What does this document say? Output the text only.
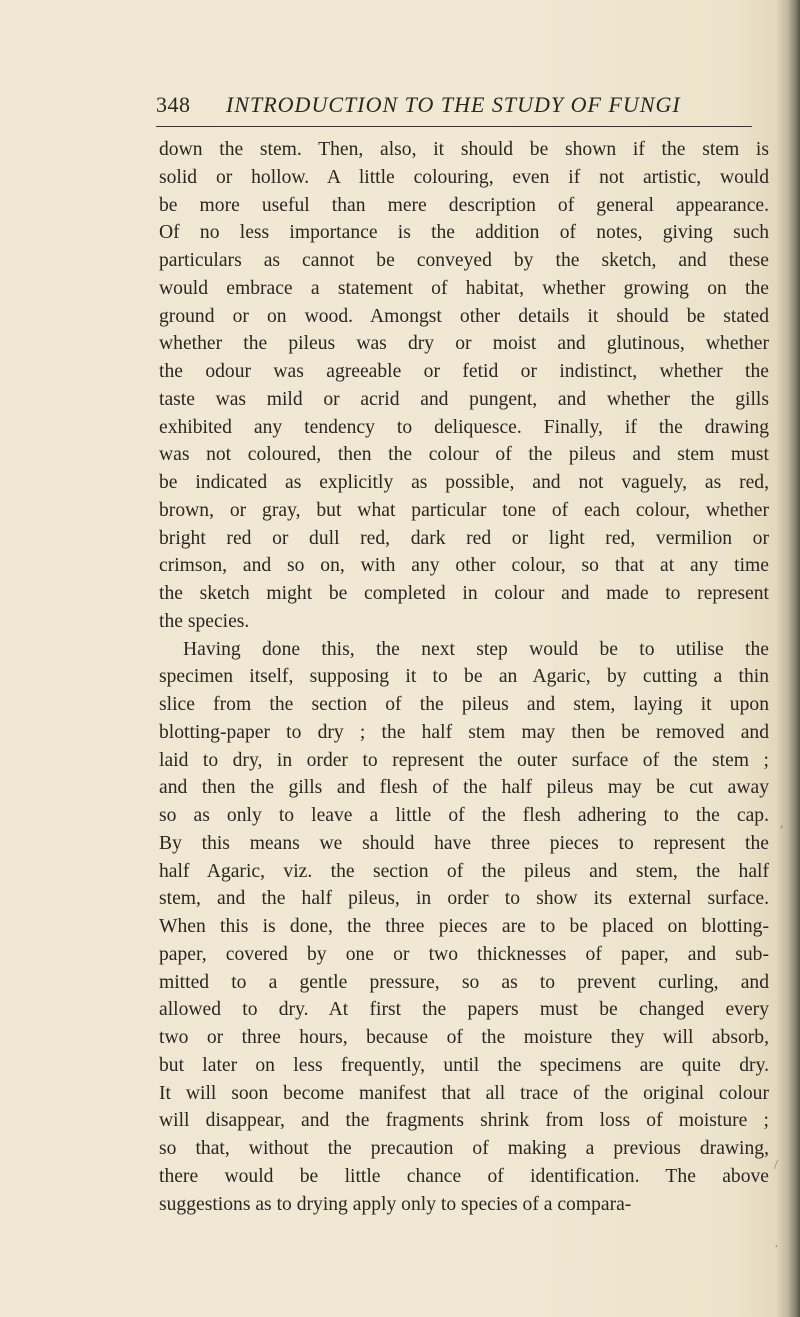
348 INTRODUCTION TO THE STUDY OF FUNGI
down the stem. Then, also, it should be shown if the stem is
solid or hollow. A little colouring, even if not artistic, would
be more useful than mere description of general appearance.
Of no less importance is the addition of notes, giving such
particulars as cannot be conveyed by the sketch, and these
would embrace a statement of habitat, whether growing on the
ground or on wood. Amongst other details it should be stated
whether the pileus was dry or moist and glutinous, whether
the odour was agreeable or fetid or indistinct, whether the
taste was mild or acrid and pungent, and whether the gills
exhibited any tendency to deliquesce. Finally, if the drawing
was not coloured, then the colour of the pileus and stem must
be indicated as explicitly as possible, and not vaguely, as red,
brown, or gray, but what particular tone of each colour, whether
bright red or dull red, dark red or light red, vermilion or
crimson, and so on, with any other colour, so that at any time
the sketch might be completed in colour and made to represent
the species.
Having done this, the next step would be to utilise the
specimen itself, supposing it to be an Agaric, by cutting a thin
slice from the section of the pileus and stem, laying it upon
blotting-paper to dry ; the half stem may then be removed and
laid to dry, in order to represent the outer surface of the stem ;
and then the gills and flesh of the half pileus may be cut away
so as only to leave a little of the flesh adhering to the cap.
By this means we should have three pieces to represent the
half Agaric, viz. the section of the pileus and stem, the half
stem, and the half pileus, in order to show its external surface.
When this is done, the three pieces are to be placed on blotting-
paper, covered by one or two thicknesses of paper, and sub-
mitted to a gentle pressure, so as to prevent curling, and
allowed to dry. At first the papers must be changed every
two or three hours, because of the moisture they will absorb,
but later on less frequently, until the specimens are quite dry.
It will soon become manifest that all trace of the original colour
will disappear, and the fragments shrink from loss of moisture ;
so that, without the precaution of making a previous drawing,
there would be little chance of identification. The above
suggestions as to drying apply only to species of a compara-
,
/
·
